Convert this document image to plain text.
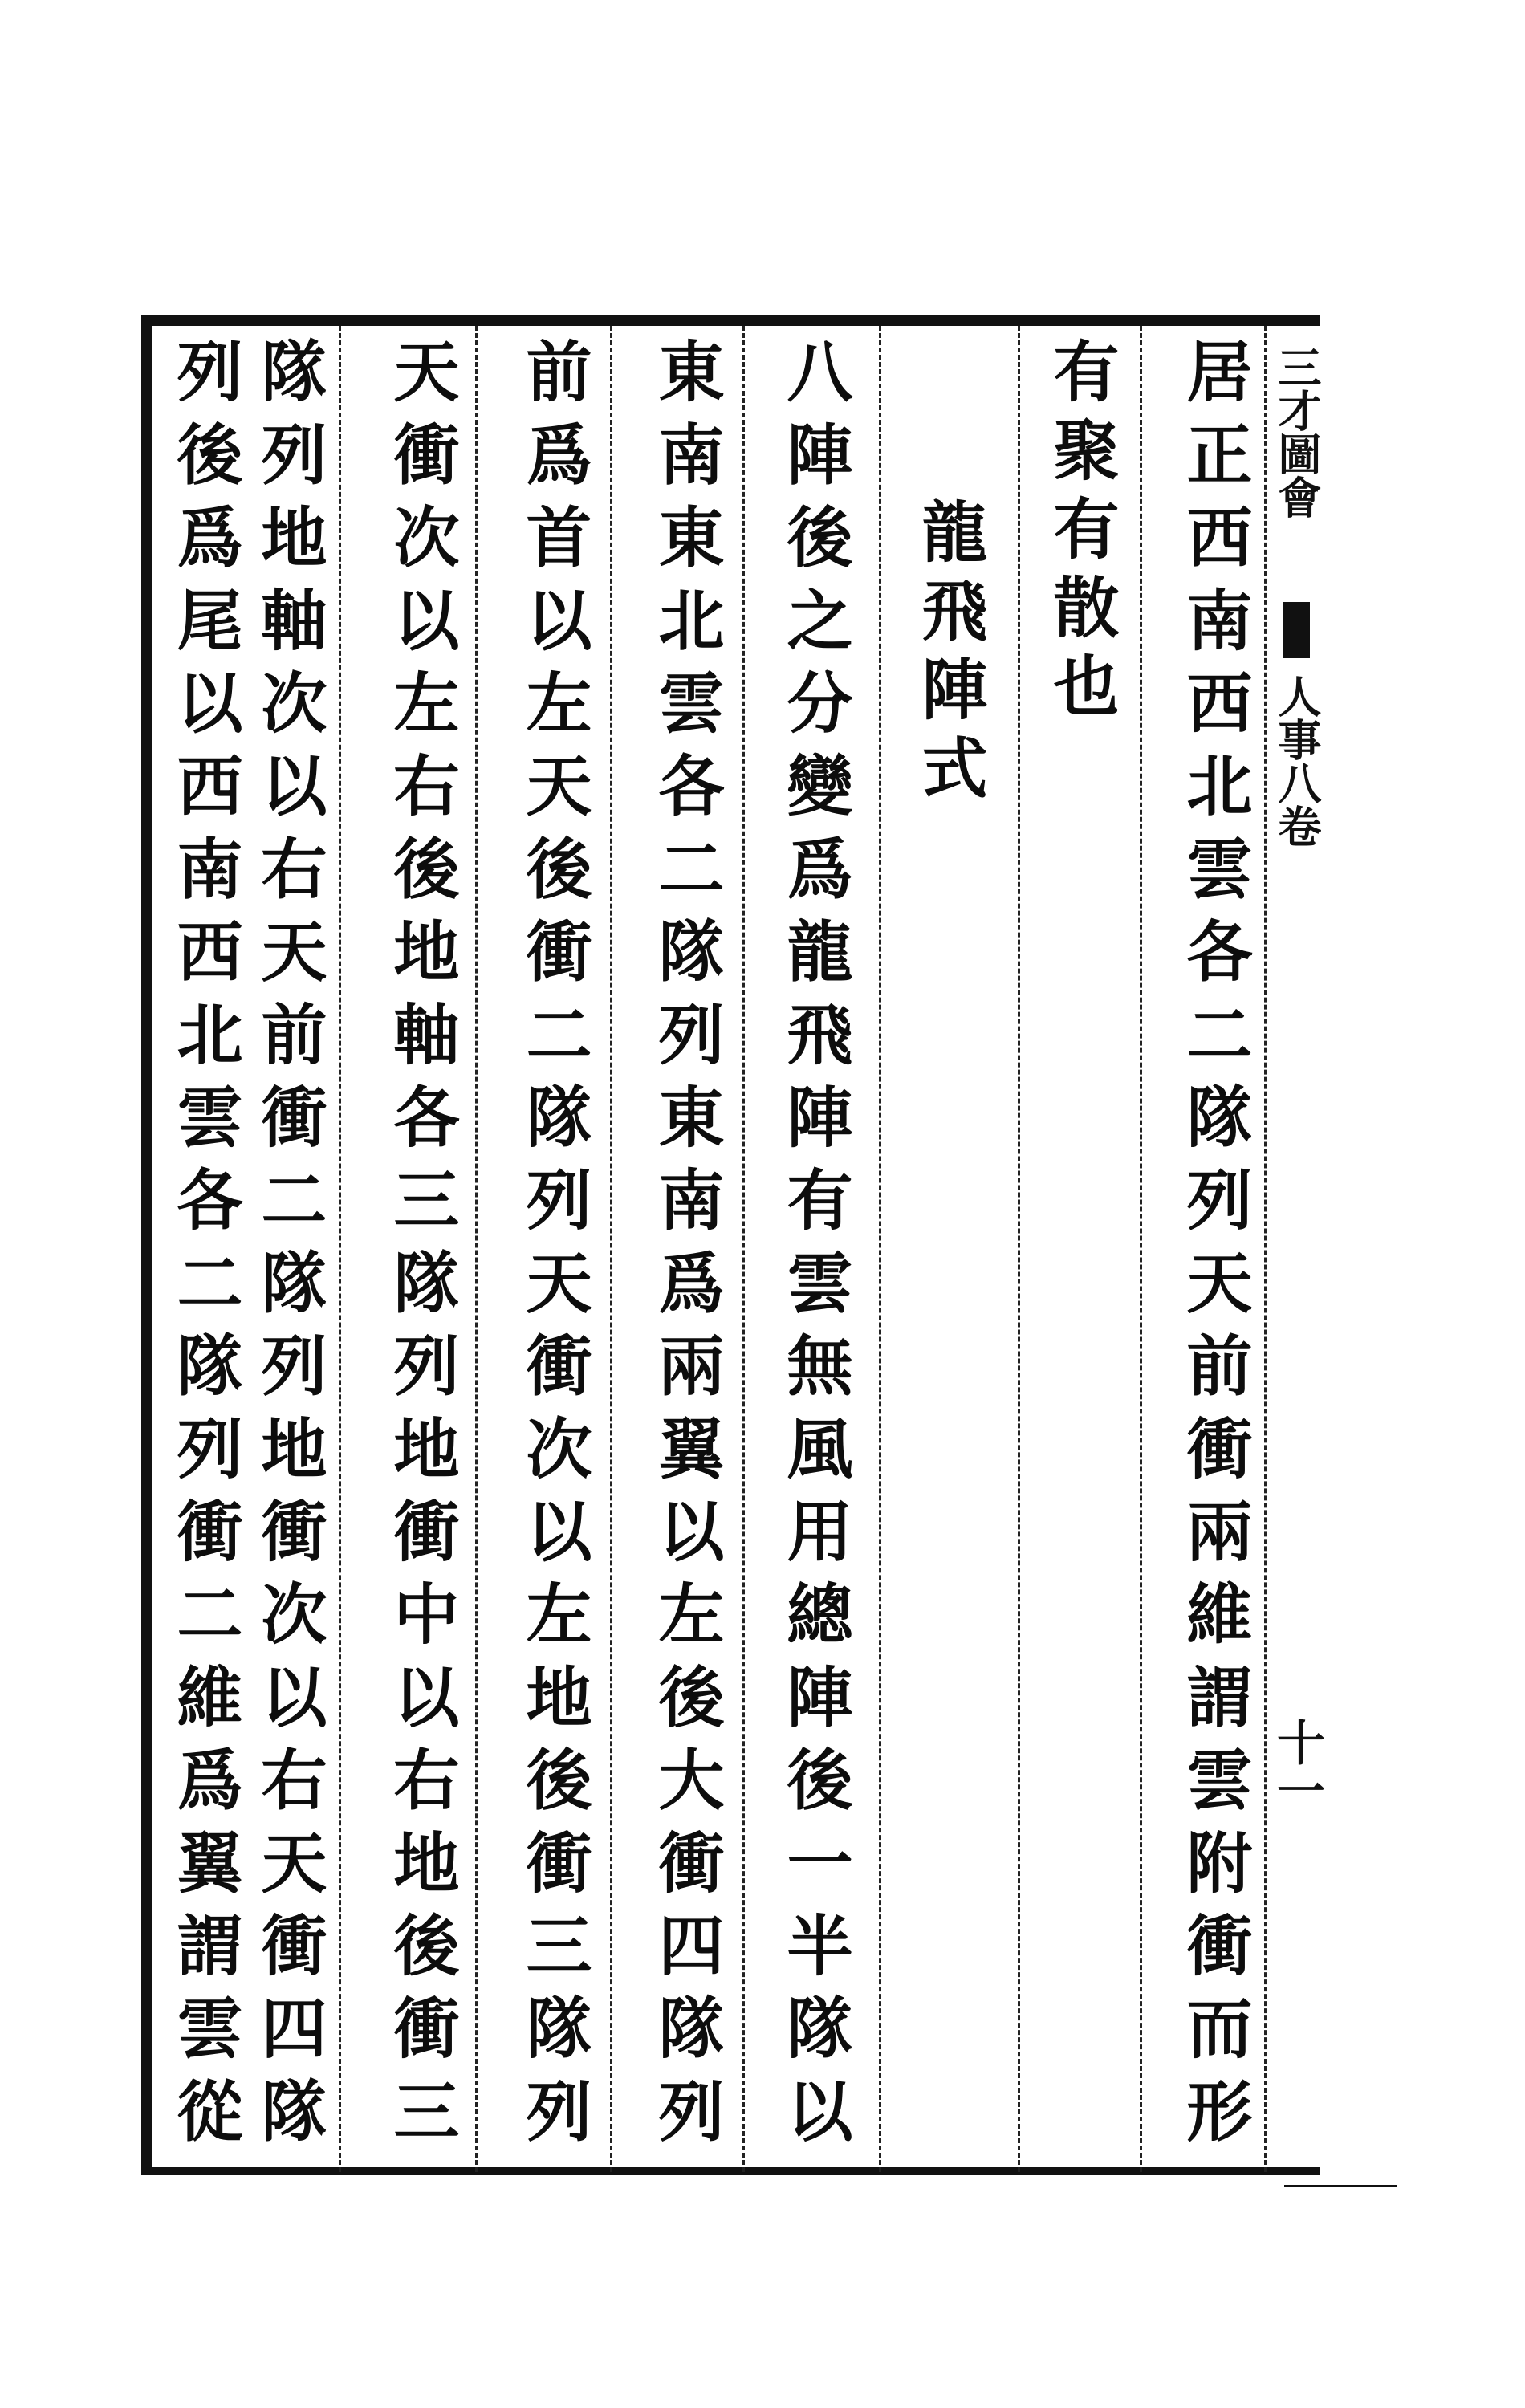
三才圖會
人事八卷
十一
居正西南西北雲各二隊列天前衝兩維謂雲附衝而形
有聚有散也
龍飛陣式
八陣後之分變爲龍飛陣有雲無風用總陣後一半隊以
東南東北雲各二隊列東南爲兩翼以左後大衝四隊列
前爲首以左天後衝二隊列天衝次以左地後衝三隊列
天衝次以左右後地軸各三隊列地衝中以右地後衝三
隊列地軸次以右天前衝二隊列地衝次以右天衝四隊
列後爲尾以西南西北雲各二隊列衝二維爲翼謂雲從
